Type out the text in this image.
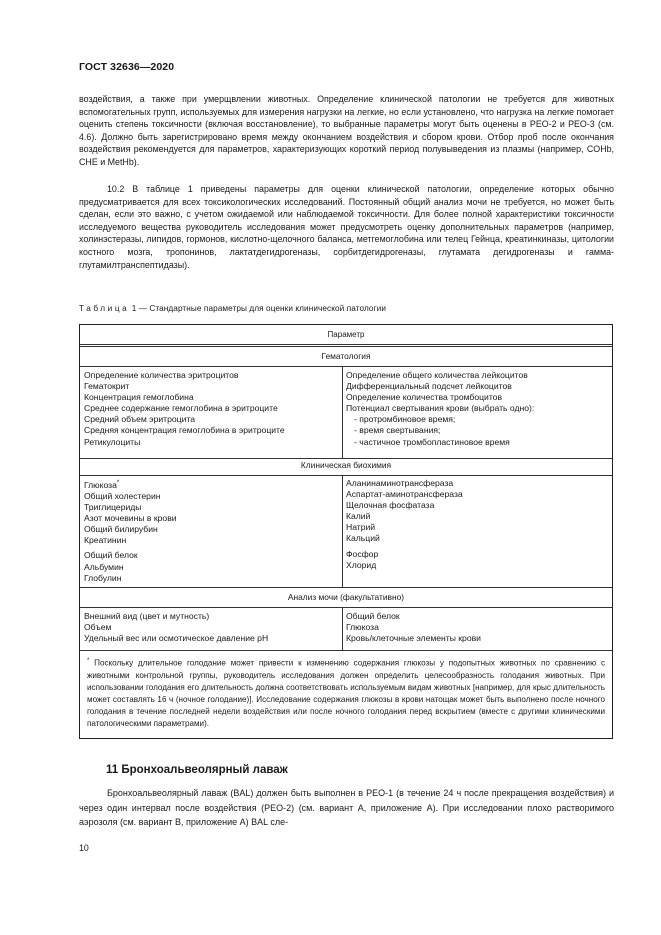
ГОСТ 32636—2020

воздействия, а также при умерщвлении животных. Определение клинической патологии не требуется для животных вспомогательных групп, используемых для измерения нагрузки на легкие, но если установлено, что нагрузка на легкие помогает оценить степень токсичности (включая восстановление), то выбранные параметры могут быть оценены в РЕО-2 и РЕО-3 (см. 4.6). Должно быть зарегистрировано время между окончанием воздействия и сбором крови. Отбор проб после окончания воздействия рекомендуется для параметров, характеризующих короткий период полувыведения из плазмы (например, COHb, CHE и MetHb).

10.2 В таблице 1 приведены параметры для оценки клинической патологии, определение которых обычно предусматривается для всех токсикологических исследований. Постоянный общий анализ мочи не требуется, но может быть сделан, если это важно, с учетом ожидаемой или наблюдаемой токсичности. Для более полной характеристики токсичности исследуемого вещества руководитель исследования может предусмотреть оценку дополнительных параметров (например, холинэстеразы, липидов, гормонов, кислотно-щелочного баланса, метгемоглобина или телец Гейнца, креатинкиназы, цитологии костного мозга, тропонинов, лактатдегидрогеназы, сорбитдегидрогеназы, глутамата дегидрогеназы и гамма-глутамилтранспептидазы).

Таблица 1 — Стандартные параметры для оценки клинической патологии
Параметр
Гематология
Определение количества эритроцитов
Гематокрит
Концентрация гемоглобина
Среднее содержание гемоглобина в эритроците
Средний объем эритроцита
Средняя концентрация гемоглобина в эритроците
Ретикулоциты
Определение общего количества лейкоцитов
Дифференциальный подсчет лейкоцитов
Определение количества тромбоцитов
Потенциал свертывания крови (выбрать одно):
- протромбиновое время;
- время свертывания;
- частичное тромбопластиновое время
Клиническая биохимия
Глюкоза*
Общий холестерин
Триглицериды
Азот мочевины в крови
Общий билирубин
Креатинин
Общий белок
Альбумин
Глобулин
Аланинаминотрансфераза
Аспартат-аминотрансфераза
Щелочная фосфатаза
Калий
Натрий
Кальций
Фосфор
Хлорид
Анализ мочи (факультативно)
Внешний вид (цвет и мутность)
Объем
Удельный вес или осмотическое давление рН
Общий белок
Глюкоза
Кровь/клеточные элементы крови
* Поскольку длительное голодание может привести к изменению содержания глюкозы у подопытных животных по сравнению с животными контрольной группы, руководитель исследования должен определить целесообразность голодания животных. При использовании голодания его длительность должна соответствовать используемым видам животных [например, для крыс длительность может составлять 16 ч (ночное голодание)]. Исследование содержания глюкозы в крови натощак может быть выполнено после ночного голодания в течение последней недели воздействия или после ночного голодания перед вскрытием (вместе с другими клиническими патологическими параметрами).
11 Бронхоальвеолярный лаваж

Бронхоальвеолярный лаваж (BAL) должен быть выполнен в РЕО-1 (в течение 24 ч после прекращения воздействия) и через один интервал после воздействия (РЕО-2) (см. вариант А, приложение А). При исследовании плохо растворимого аэрозоля (см. вариант В, приложение А) BAL сле-

10
